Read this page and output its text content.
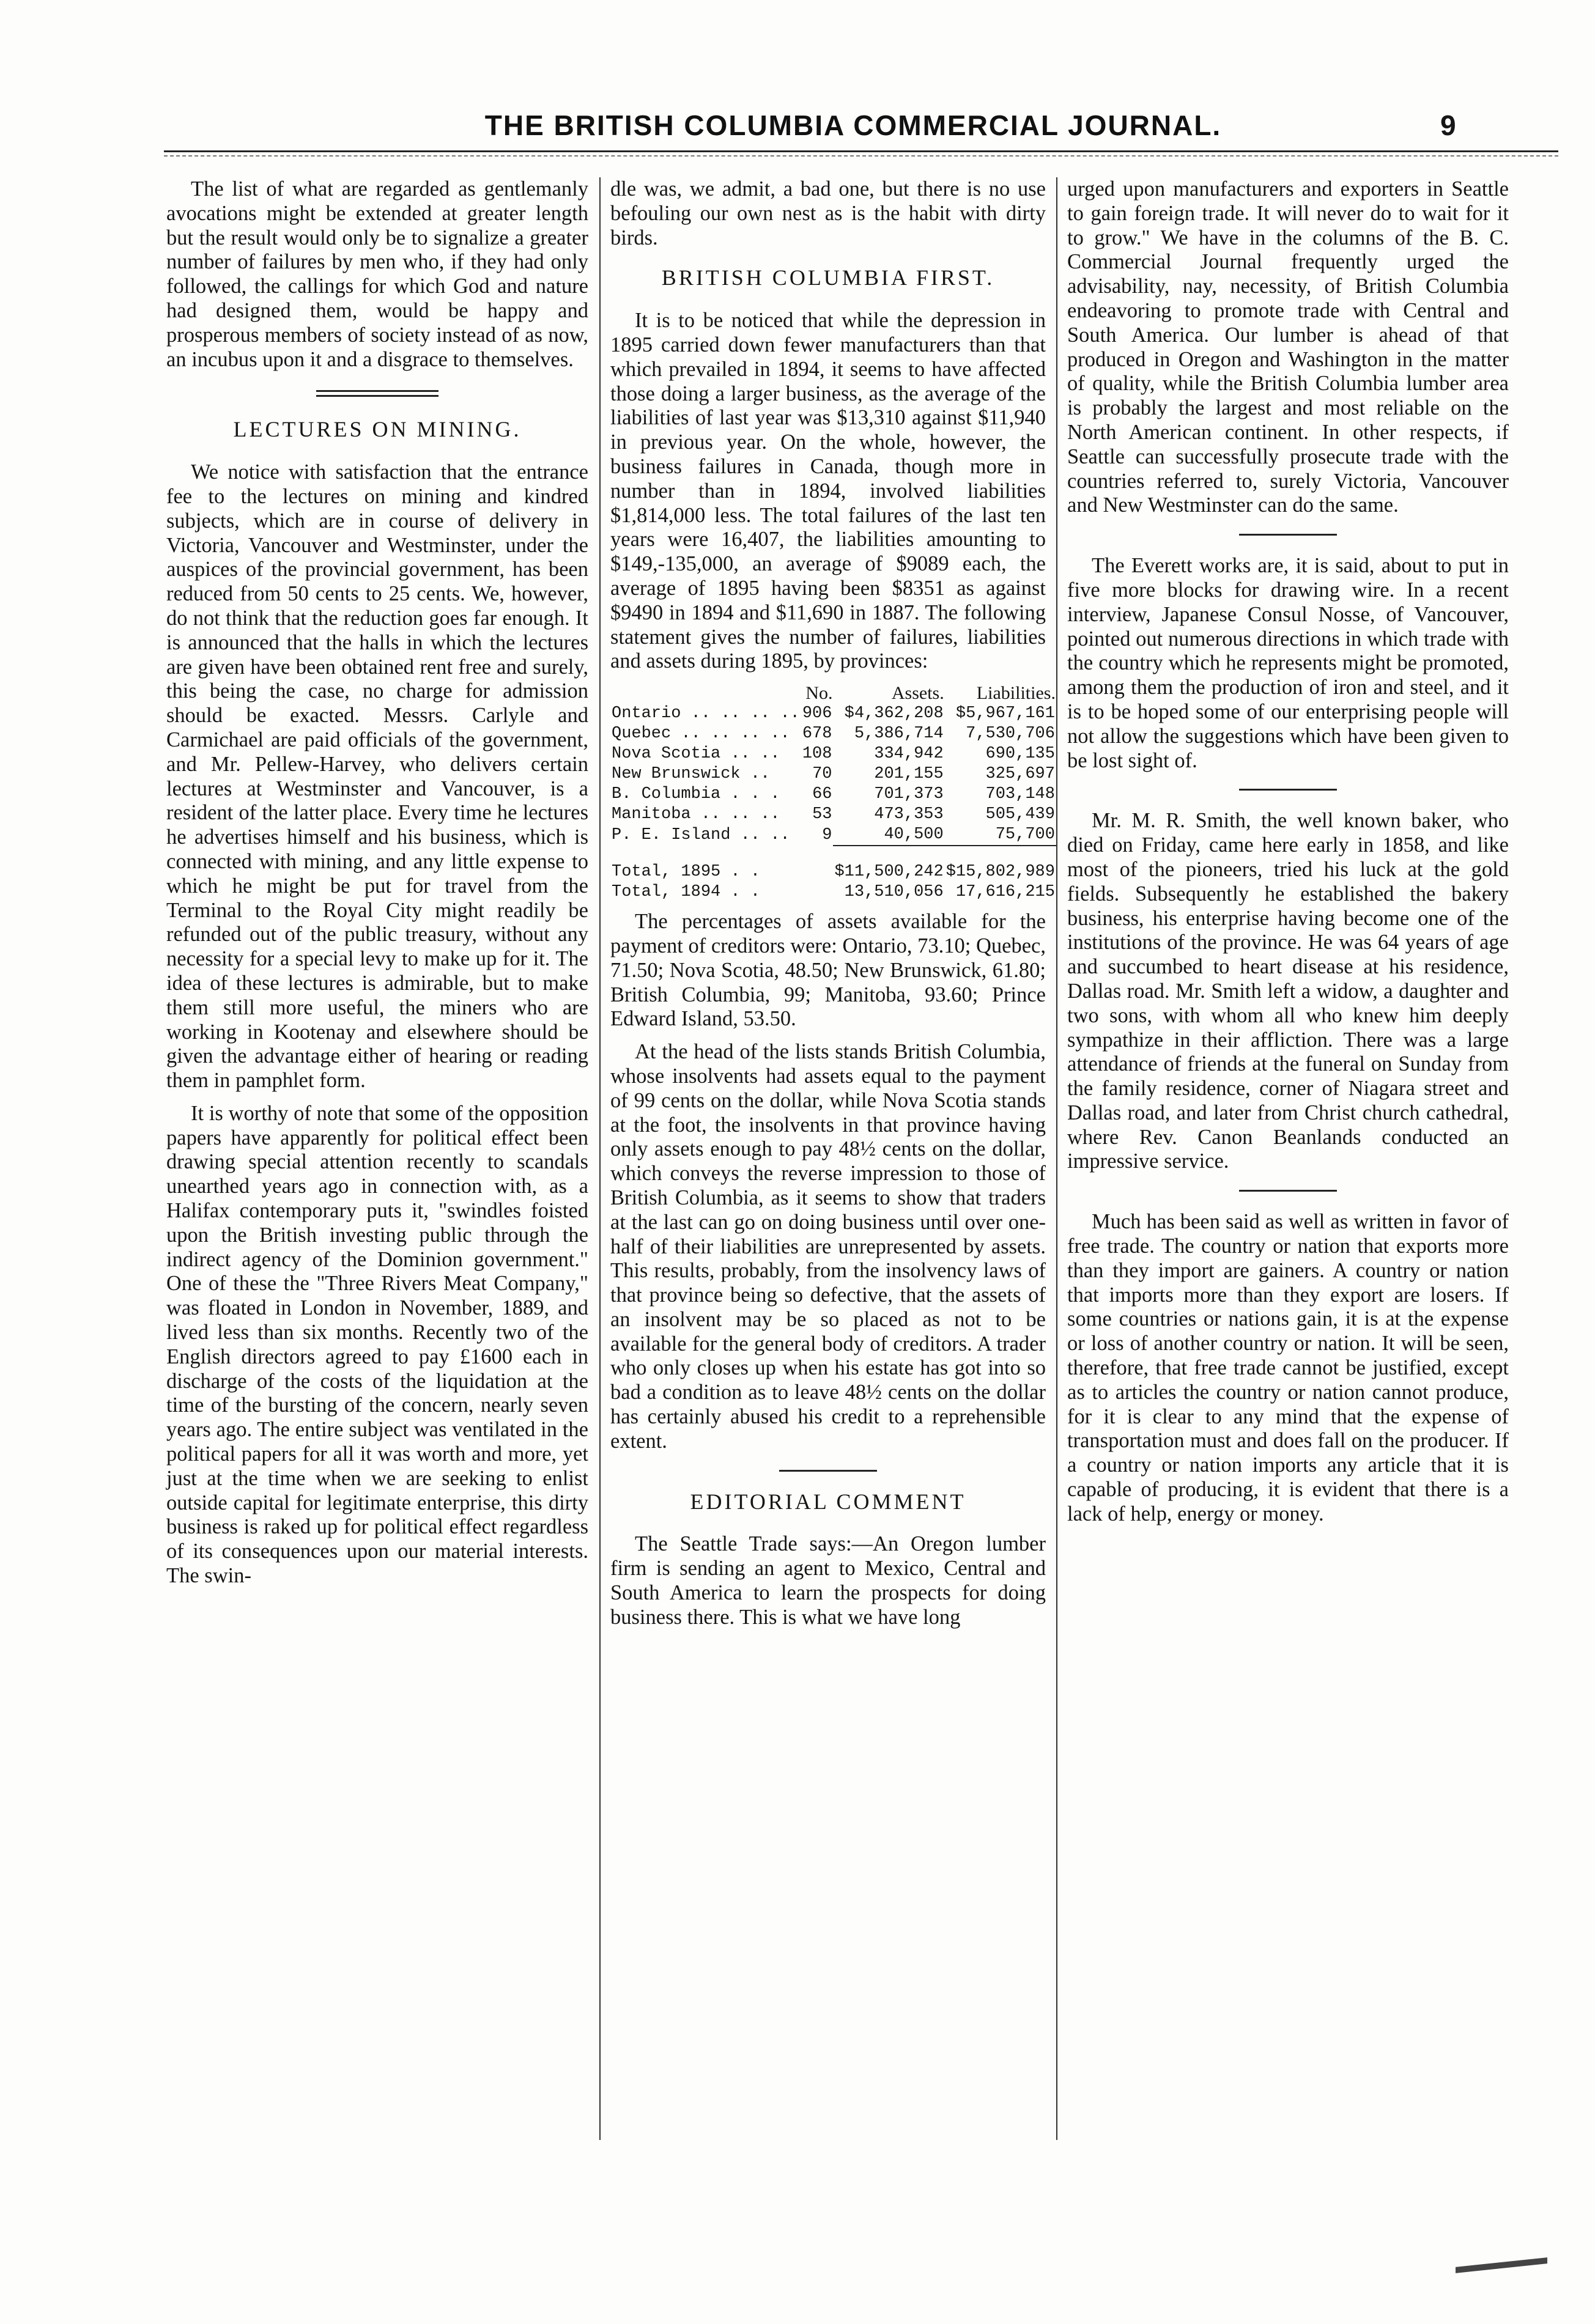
THE BRITISH COLUMBIA COMMERCIAL JOURNAL.	9

The list of what are regarded as gentlemanly avocations might be extended at greater length but the result would only be to signalize a greater number of failures by men who, if they had only followed, the callings for which God and nature had designed them, would be happy and prosperous members of society instead of as now, an incubus upon it and a disgrace to themselves.

LECTURES ON MINING.

We notice with satisfaction that the entrance fee to the lectures on mining and kindred subjects, which are in course of delivery in Victoria, Vancouver and Westminster, under the auspices of the provincial government, has been reduced from 50 cents to 25 cents. We, however, do not think that the reduction goes far enough. It is announced that the halls in which the lectures are given have been obtained rent free and surely, this being the case, no charge for admission should be exacted. Messrs. Carlyle and Carmichael are paid officials of the government, and Mr. Pellew-Harvey, who delivers certain lectures at Westminster and Vancouver, is a resident of the latter place. Every time he lectures he advertises himself and his business, which is connected with mining, and any little expense to which he might be put for travel from the Terminal to the Royal City might readily be refunded out of the public treasury, without any necessity for a special levy to make up for it. The idea of these lectures is admirable, but to make them still more useful, the miners who are working in Kootenay and elsewhere should be given the advantage either of hearing or reading them in pamphlet form.

It is worthy of note that some of the opposition papers have apparently for political effect been drawing special attention recently to scandals unearthed years ago in connection with, as a Halifax contemporary puts it, "swindles foisted upon the British investing public through the indirect agency of the Dominion government." One of these the "Three Rivers Meat Company," was floated in London in November, 1889, and lived less than six months. Recently two of the English directors agreed to pay £1600 each in discharge of the costs of the liquidation at the time of the bursting of the concern, nearly seven years ago. The entire subject was ventilated in the political papers for all it was worth and more, yet just at the time when we are seeking to enlist outside capital for legitimate enterprise, this dirty business is raked up for political effect regardless of its consequences upon our material interests. The swin-

dle was, we admit, a bad one, but there is no use befouling our own nest as is the habit with dirty birds.

BRITISH COLUMBIA FIRST.

It is to be noticed that while the depression in 1895 carried down fewer manufacturers than that which prevailed in 1894, it seems to have affected those doing a larger business, as the average of the liabilities of last year was $13,310 against $11,940 in previous year. On the whole, however, the business failures in Canada, though more in number than in 1894, involved liabilities $1,814,000 less. The total failures of the last ten years were 16,407, the liabilities amounting to $149,-135,000, an average of $9089 each, the average of 1895 having been $8351 as against $9490 in 1894 and $11,690 in 1887. The following statement gives the number of failures, liabilities and assets during 1895, by provinces:

	No.	Assets.	Liabilities.
Ontario .. .. .. ..	906	$4,362,208	$5,967,161
Quebec .. .. .. ..	678	5,386,714	7,530,706
Nova Scotia .. ..	108	334,942	690,135
New Brunswick ..	70	201,155	325,697
B. Columbia . . .	66	701,373	703,148
Manitoba .. .. ..	53	473,353	505,439
P. E. Island .. ..	9	40,500	75,700
Total, 1895 . .		$11,500,242	$15,802,989
Total, 1894 . .		13,510,056	17,616,215

The percentages of assets available for the payment of creditors were: Ontario, 73.10; Quebec, 71.50; Nova Scotia, 48.50; New Brunswick, 61.80; British Columbia, 99; Manitoba, 93.60; Prince Edward Island, 53.50.

At the head of the lists stands British Columbia, whose insolvents had assets equal to the payment of 99 cents on the dollar, while Nova Scotia stands at the foot, the insolvents in that province having only assets enough to pay 48½ cents on the dollar, which conveys the reverse impression to those of British Columbia, as it seems to show that traders at the last can go on doing business until over one-half of their liabilities are unrepresented by assets. This results, probably, from the insolvency laws of that province being so defective, that the assets of an insolvent may be so placed as not to be available for the general body of creditors. A trader who only closes up when his estate has got into so bad a condition as to leave 48½ cents on the dollar has certainly abused his credit to a reprehensible extent.

EDITORIAL COMMENT

The Seattle Trade says:—An Oregon lumber firm is sending an agent to Mexico, Central and South America to learn the prospects for doing business there. This is what we have long

urged upon manufacturers and exporters in Seattle to gain foreign trade. It will never do to wait for it to grow." We have in the columns of the B. C. Commercial Journal frequently urged the advisability, nay, necessity, of British Columbia endeavoring to promote trade with Central and South America. Our lumber is ahead of that produced in Oregon and Washington in the matter of quality, while the British Columbia lumber area is probably the largest and most reliable on the North American continent. In other respects, if Seattle can successfully prosecute trade with the countries referred to, surely Victoria, Vancouver and New Westminster can do the same.

The Everett works are, it is said, about to put in five more blocks for drawing wire. In a recent interview, Japanese Consul Nosse, of Vancouver, pointed out numerous directions in which trade with the country which he represents might be promoted, among them the production of iron and steel, and it is to be hoped some of our enterprising people will not allow the suggestions which have been given to be lost sight of.

Mr. M. R. Smith, the well known baker, who died on Friday, came here early in 1858, and like most of the pioneers, tried his luck at the gold fields. Subsequently he established the bakery business, his enterprise having become one of the institutions of the province. He was 64 years of age and succumbed to heart disease at his residence, Dallas road. Mr. Smith left a widow, a daughter and two sons, with whom all who knew him deeply sympathize in their affliction. There was a large attendance of friends at the funeral on Sunday from the family residence, corner of Niagara street and Dallas road, and later from Christ church cathedral, where Rev. Canon Beanlands conducted an impressive service.

Much has been said as well as written in favor of free trade. The country or nation that exports more than they import are gainers. A country or nation that imports more than they export are losers. If some countries or nations gain, it is at the expense or loss of another country or nation. It will be seen, therefore, that free trade cannot be justified, except as to articles the country or nation cannot produce, for it is clear to any mind that the expense of transportation must and does fall on the producer. If a country or nation imports any article that it is capable of producing, it is evident that there is a lack of help, energy or money.
